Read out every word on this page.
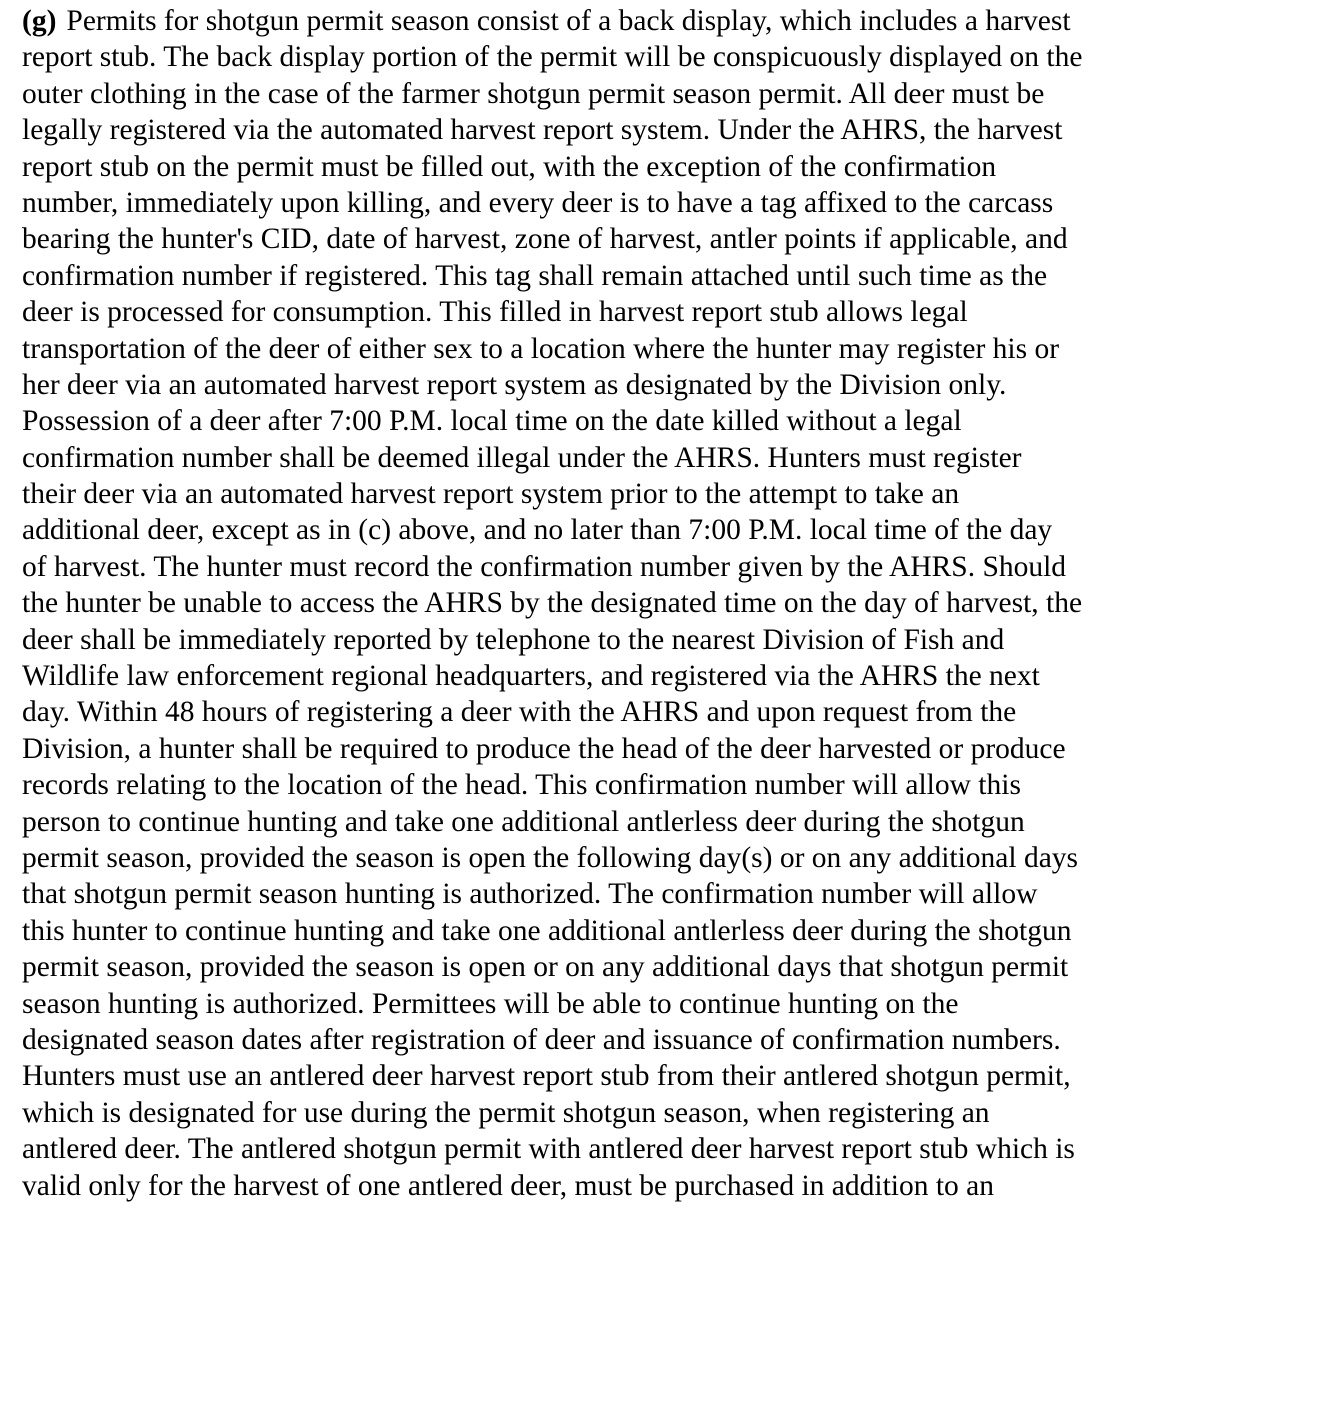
(g) Permits for shotgun permit season consist of a back display, which includes a harvest
report stub. The back display portion of the permit will be conspicuously displayed on the
outer clothing in the case of the farmer shotgun permit season permit. All deer must be
legally registered via the automated harvest report system. Under the AHRS, the harvest
report stub on the permit must be filled out, with the exception of the confirmation
number, immediately upon killing, and every deer is to have a tag affixed to the carcass
bearing the hunter's CID, date of harvest, zone of harvest, antler points if applicable, and
confirmation number if registered. This tag shall remain attached until such time as the
deer is processed for consumption. This filled in harvest report stub allows legal
transportation of the deer of either sex to a location where the hunter may register his or
her deer via an automated harvest report system as designated by the Division only.
Possession of a deer after 7:00 P.M. local time on the date killed without a legal
confirmation number shall be deemed illegal under the AHRS. Hunters must register
their deer via an automated harvest report system prior to the attempt to take an
additional deer, except as in (c) above, and no later than 7:00 P.M. local time of the day
of harvest. The hunter must record the confirmation number given by the AHRS. Should
the hunter be unable to access the AHRS by the designated time on the day of harvest, the
deer shall be immediately reported by telephone to the nearest Division of Fish and
Wildlife law enforcement regional headquarters, and registered via the AHRS the next
day. Within 48 hours of registering a deer with the AHRS and upon request from the
Division, a hunter shall be required to produce the head of the deer harvested or produce
records relating to the location of the head. This confirmation number will allow this
person to continue hunting and take one additional antlerless deer during the shotgun
permit season, provided the season is open the following day(s) or on any additional days
that shotgun permit season hunting is authorized. The confirmation number will allow
this hunter to continue hunting and take one additional antlerless deer during the shotgun
permit season, provided the season is open or on any additional days that shotgun permit
season hunting is authorized. Permittees will be able to continue hunting on the
designated season dates after registration of deer and issuance of confirmation numbers.
Hunters must use an antlered deer harvest report stub from their antlered shotgun permit,
which is designated for use during the permit shotgun season, when registering an
antlered deer. The antlered shotgun permit with antlered deer harvest report stub which is
valid only for the harvest of one antlered deer, must be purchased in addition to an
